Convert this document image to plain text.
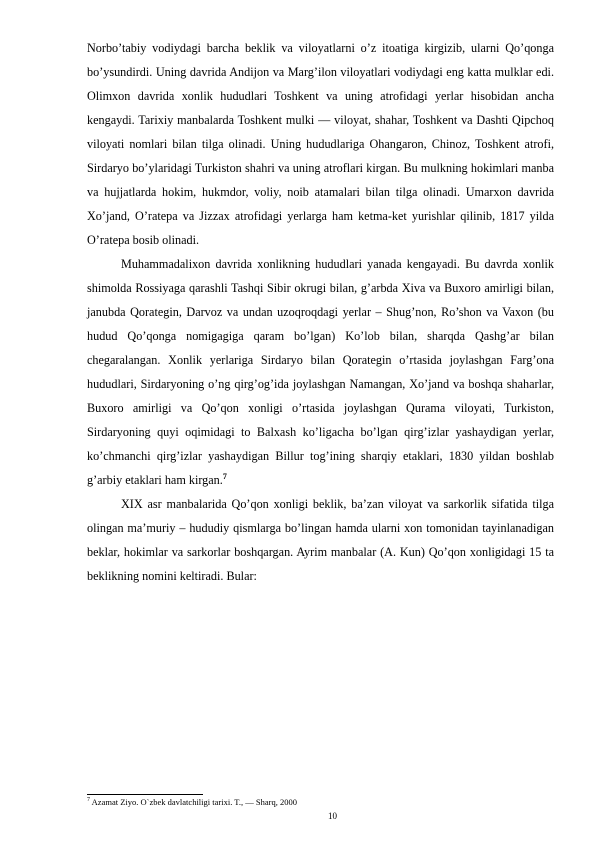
Norbo’tabiy vodiydagi barcha beklik va viloyatlarni o’z itoatiga kirgizib, ularni Qo’qonga bo’ysundirdi. Uning davrida Andijon va Marg’ilon viloyatlari vodiydagi eng katta mulklar edi. Olimxon davrida xonlik hududlari Toshkent va uning atrofidagi yerlar hisobidan ancha kengaydi. Tarixiy manbalarda Toshkent mulki — viloyat, shahar, Toshkent va Dashti Qipchoq viloyati nomlari bilan tilga olinadi. Uning hududlariga Ohangaron, Chinoz, Toshkent atrofi, Sirdaryo bo’ylaridagi Turkiston shahri va uning atroflari kirgan. Bu mulkning hokimlari manba va hujjatlarda hokim, hukmdor, voliy, noib atamalari bilan tilga olinadi. Umarxon davrida Xo’jand, O’ratepa va Jizzax atrofidagi yerlarga ham ketma-ket yurishlar qilinib, 1817 yilda O’ratepa bosib olinadi.

Muhammadalixon davrida xonlikning hududlari yanada kengayadi. Bu davrda xonlik shimolda Rossiyaga qarashli Tashqi Sibir okrugi bilan, g’arbda Xiva va Buxoro amirligi bilan, janubda Qorategin, Darvoz va undan uzoqroqdagi yerlar – Shug’non, Ro’shon va Vaxon (bu hudud Qo’qonga nomigagiga qaram bo’lgan) Ko’lob bilan, sharqda Qashg’ar bilan chegaralangan. Xonlik yerlariga Sirdaryo bilan Qorategin o’rtasida joylashgan Farg’ona hududlari, Sirdaryoning o’ng qirg’og’ida joylashgan Namangan, Xo’jand va boshqa shaharlar, Buxoro amirligi va Qo’qon xonligi o’rtasida joylashgan Qurama viloyati, Turkiston, Sirdaryoning quyi oqimidagi to Balxash ko’ligacha bo’lgan qirg’izlar yashaydigan yerlar, ko’chmanchi qirg’izlar yashaydigan Billur tog’ining sharqiy etaklari, 1830 yildan boshlab g’arbiy etaklari ham kirgan.$^7$

XIX asr manbalarida Qo’qon xonligi beklik, ba’zan viloyat va sarkorlik sifatida tilga olingan ma’muriy – hududiy qismlarga bo’lingan hamda ularni xon tomonidan tayinlanadigan beklar, hokimlar va sarkorlar boshqargan. Ayrim manbalar (A. Kun) Qo’qon xonligidagi 15 ta beklikning nomini keltiradi. Bular:

$^7$ Azamat Ziyo. O`zbek davlatchiligi tarixi. T., — Sharq, 2000
10
